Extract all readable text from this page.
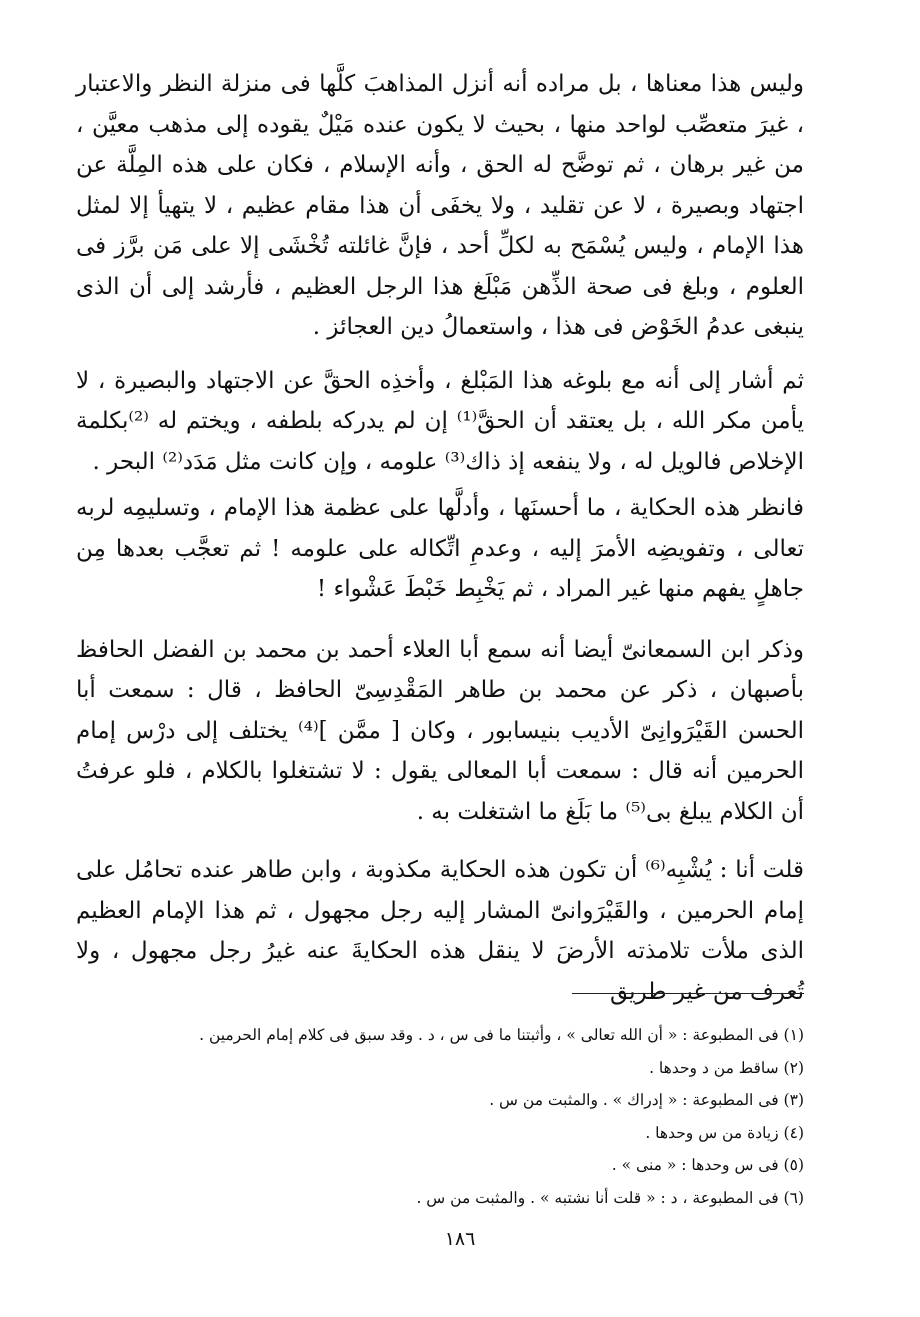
وليس هذا معناها ، بل مراده أنه أنزل المذاهبَ كلَّها فى منزلة النظر والاعتبار ، غيرَ متعصِّب لواحد منها ، بحيث لا يكون عنده مَيْلٌ يقوده إلى مذهب معيَّن ، من غير برهان ، ثم توضَّح له الحق ، وأنه الإسلام ، فكان على هذه المِلَّة عن اجتهاد وبصيرة ، لا عن تقليد ، ولا يخفَى أن هذا مقام عظيم ، لا يتهيأ إلا لمثل هذا الإمام ، وليس يُسْمَح به لكلِّ أحد ، فإنَّ غائلته تُخْشَى إلا على مَن برَّز فى العلوم ، وبلغ فى صحة الذِّهن مَبْلَغ هذا الرجل العظيم ، فأرشد إلى أن الذى ينبغى عدمُ الخَوْض فى هذا ، واستعمالُ دين العجائز .

ثم أشار إلى أنه مع بلوغه هذا المَبْلغ ، وأخذِه الحقَّ عن الاجتهاد والبصيرة ، لا يأمن مكر الله ، بل يعتقد أن الحقَّ⁽¹⁾ إن لم يدركه بلطفه ، ويختم له ⁽²⁾بكلمة الإخلاص فالويل له ، ولا ينفعه إذ ذاك⁽³⁾ علومه ، وإن كانت مثل مَدَد⁽²⁾ البحر .

فانظر هذه الحكاية ، ما أحسنَها ، وأدلَّها على عظمة هذا الإمام ، وتسليمِه لربه تعالى ، وتفويضِه الأمرَ إليه ، وعدمِ اتِّكاله على علومه ! ثم تعجَّب بعدها مِن جاهلٍ يفهم منها غير المراد ، ثم يَخْبِط خَبْطَ عَشْواء !

وذكر ابن السمعانىّ أيضا أنه سمع أبا العلاء أحمد بن محمد بن الفضل الحافظ بأصبهان ، ذكر عن محمد بن طاهر المَقْدِسِىّ الحافظ ، قال : سمعت أبا الحسن القَيْرَوانِىّ الأديب بنيسابور ، وكان [ ممَّن ]⁽⁴⁾ يختلف إلى درْس إمام الحرمين أنه قال : سمعت أبا المعالى يقول : لا تشتغلوا بالكلام ، فلو عرفتُ أن الكلام يبلغ بى⁽⁵⁾ ما بَلَغ ما اشتغلت به .

قلت أنا : يُشْبِه⁽⁶⁾ أن تكون هذه الحكاية مكذوبة ، وابن طاهر عنده تحامُل على إمام الحرمين ، والقَيْرَوانىّ المشار إليه رجل مجهول ، ثم هذا الإمام العظيم الذى ملأت تلامذته الأرضَ لا ينقل هذه الحكايةَ عنه غيرُ رجل مجهول ، ولا تُعرف من غير طريق

(١) فى المطبوعة : « أن الله تعالى » ، وأثبتنا ما فى س ، د . وقد سبق فى كلام إمام الحرمين .
(٢) ساقط من د وحدها .
(٣) فى المطبوعة : « إدراك » . والمثبت من س .
(٤) زيادة من س وحدها .
(٥) فى س وحدها : « منى » .
(٦) فى المطبوعة ، د : « قلت أنا نشتبه » . والمثبت من س .
١٨٦
